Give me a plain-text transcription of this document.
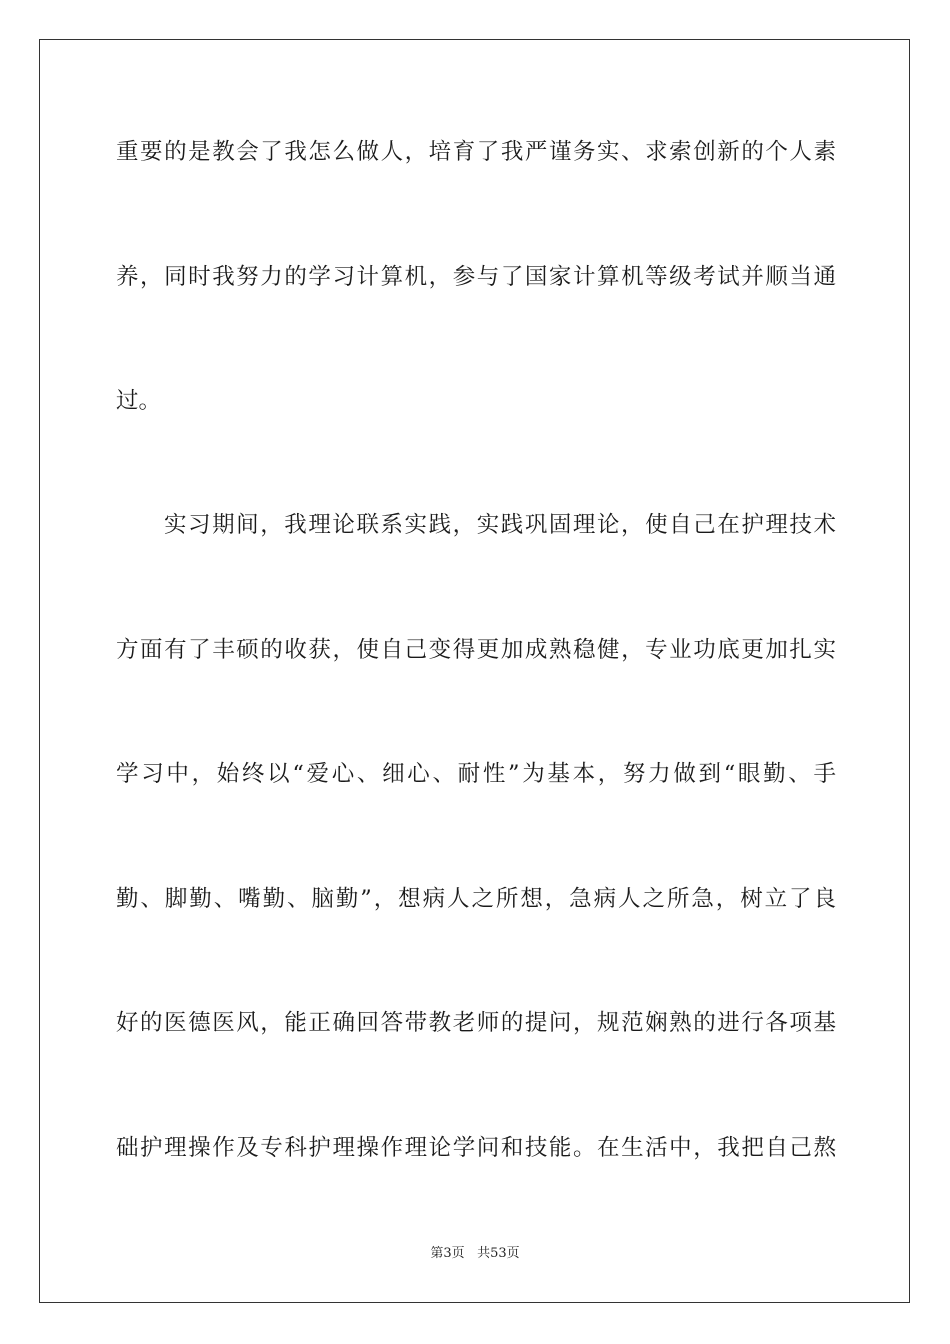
重要的是教会了我怎么做人，培育了我严谨务实、求索创新的个人素
养，同时我努力的学习计算机，参与了国家计算机等级考试并顺当通
过。
实习期间，我理论联系实践，实践巩固理论，使自己在护理技术
方面有了丰硕的收获，使自己变得更加成熟稳健，专业功底更加扎实
学习中，始终以“爱心、细心、耐性”为基本，努力做到“眼勤、手
勤、脚勤、嘴勤、脑勤”，想病人之所想，急病人之所急，树立了良
好的医德医风，能正确回答带教老师的提问，规范娴熟的进行各项基
础护理操作及专科护理操作理论学问和技能。在生活中，我把自己熬
第3页 共53页
